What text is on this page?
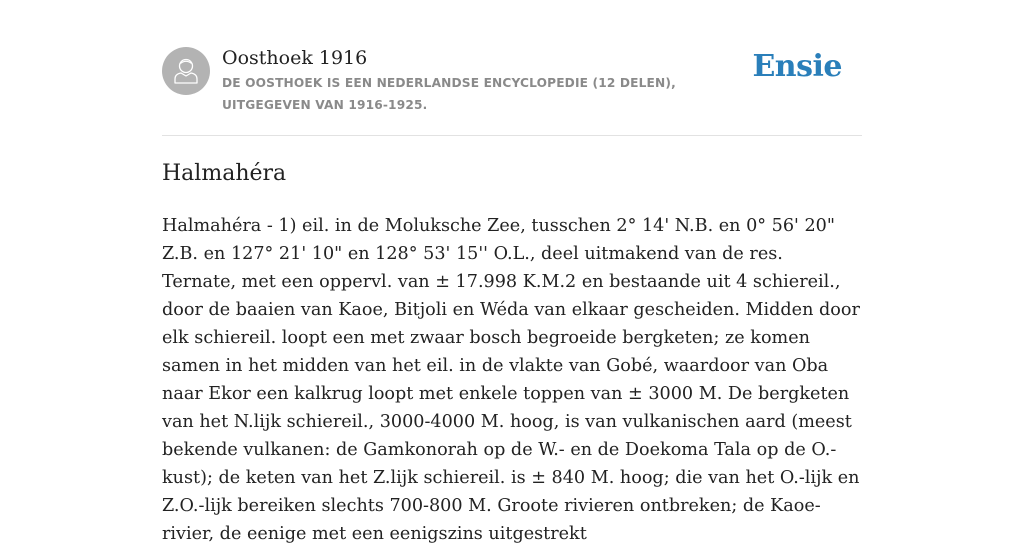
Oosthoek 1916
DE OOSTHOEK IS EEN NEDERLANDSE ENCYCLOPEDIE (12 DELEN), UITGEGEVEN VAN 1916-1925.
Ensie
Halmahéra

Halmahéra - 1) eil. in de Moluksche Zee, tusschen 2° 14' N.B. en 0° 56' 20" Z.B. en 127° 21' 10" en 128° 53' 15'' O.L., deel uitmakend van de res. Ternate, met een oppervl. van ± 17.998 K.M.2 en bestaande uit 4 schiereil., door de baaien van Kaoe, Bitjoli en Wéda van elkaar gescheiden. Midden door elk schiereil. loopt een met zwaar bosch begroeide bergketen; ze komen samen in het midden van het eil. in de vlakte van Gobé, waardoor van Oba naar Ekor een kalkrug loopt met enkele toppen van ± 3000 M. De bergketen van het N.lijk schiereil., 3000-4000 M. hoog, is van vulkanischen aard (meest bekende vulkanen: de Gamkonorah op de W.- en de Doekoma Tala op de O.-kust); de keten van het Z.lijk schiereil. is ± 840 M. hoog; die van het O.-lijk en Z.O.-lijk bereiken slechts 700-800 M. Groote rivieren ontbreken; de Kaoe-rivier, de eenige met een eenigszins uitgestrekt
